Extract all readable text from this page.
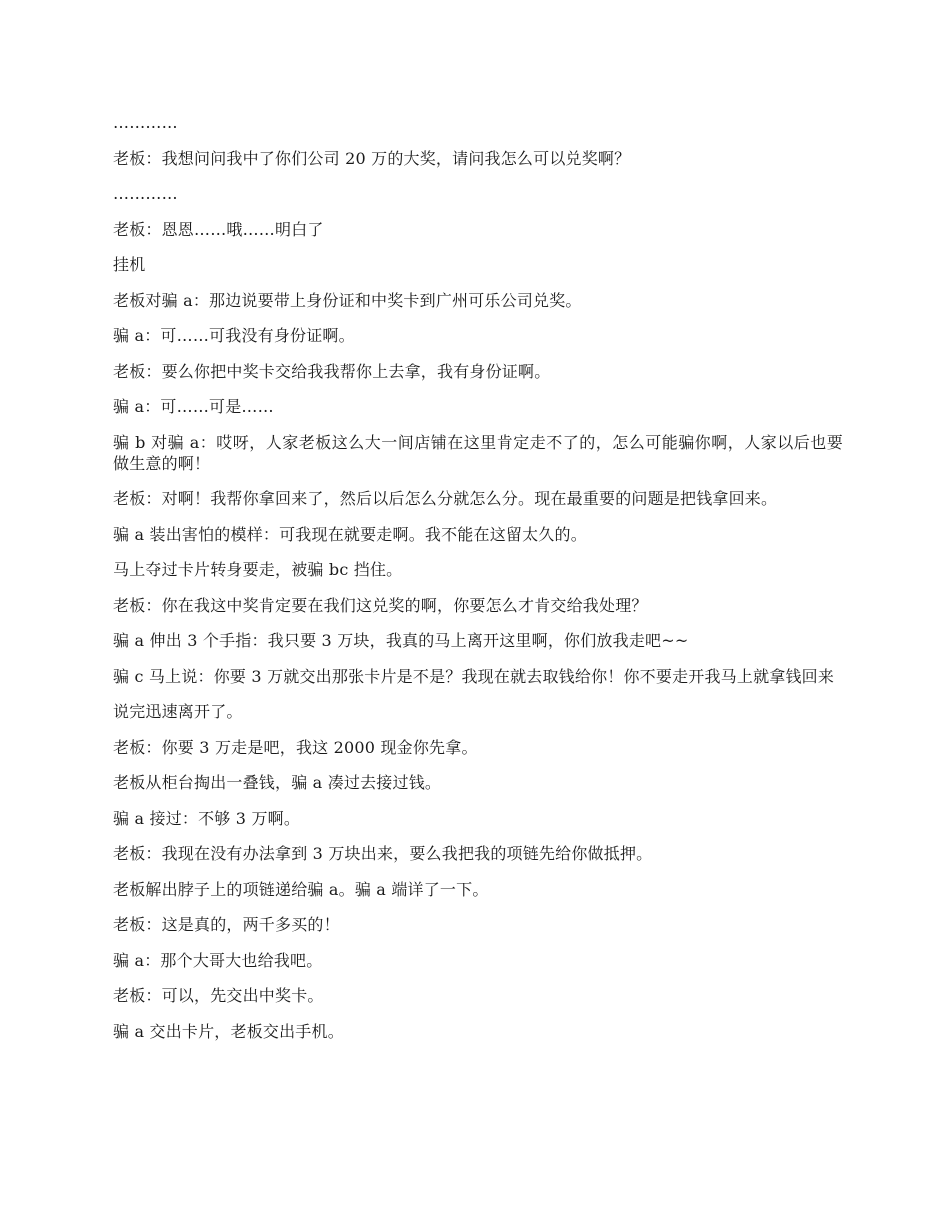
…………

老板：我想问问我中了你们公司 20 万的大奖，请问我怎么可以兑奖啊？

…………

老板：恩恩……哦……明白了

挂机

老板对骗 a：那边说要带上身份证和中奖卡到广州可乐公司兑奖。

骗 a：可……可我没有身份证啊。

老板：要么你把中奖卡交给我我帮你上去拿，我有身份证啊。

骗 a：可……可是……

骗 b 对骗 a：哎呀，人家老板这么大一间店铺在这里肯定走不了的，怎么可能骗你啊，人家以后也要做生意的啊！

老板：对啊！我帮你拿回来了，然后以后怎么分就怎么分。现在最重要的问题是把钱拿回来。

骗 a 装出害怕的模样：可我现在就要走啊。我不能在这留太久的。

马上夺过卡片转身要走，被骗 bc 挡住。

老板：你在我这中奖肯定要在我们这兑奖的啊，你要怎么才肯交给我处理？

骗 a 伸出 3 个手指：我只要 3 万块，我真的马上离开这里啊，你们放我走吧~~

骗 c 马上说：你要 3 万就交出那张卡片是不是？我现在就去取钱给你！你不要走开我马上就拿钱回来

说完迅速离开了。

老板：你要 3 万走是吧，我这 2000 现金你先拿。

老板从柜台掏出一叠钱，骗 a 凑过去接过钱。

骗 a 接过：不够 3 万啊。

老板：我现在没有办法拿到 3 万块出来，要么我把我的项链先给你做抵押。

老板解出脖子上的项链递给骗 a。骗 a 端详了一下。

老板：这是真的，两千多买的！

骗 a：那个大哥大也给我吧。

老板：可以，先交出中奖卡。

骗 a 交出卡片，老板交出手机。
